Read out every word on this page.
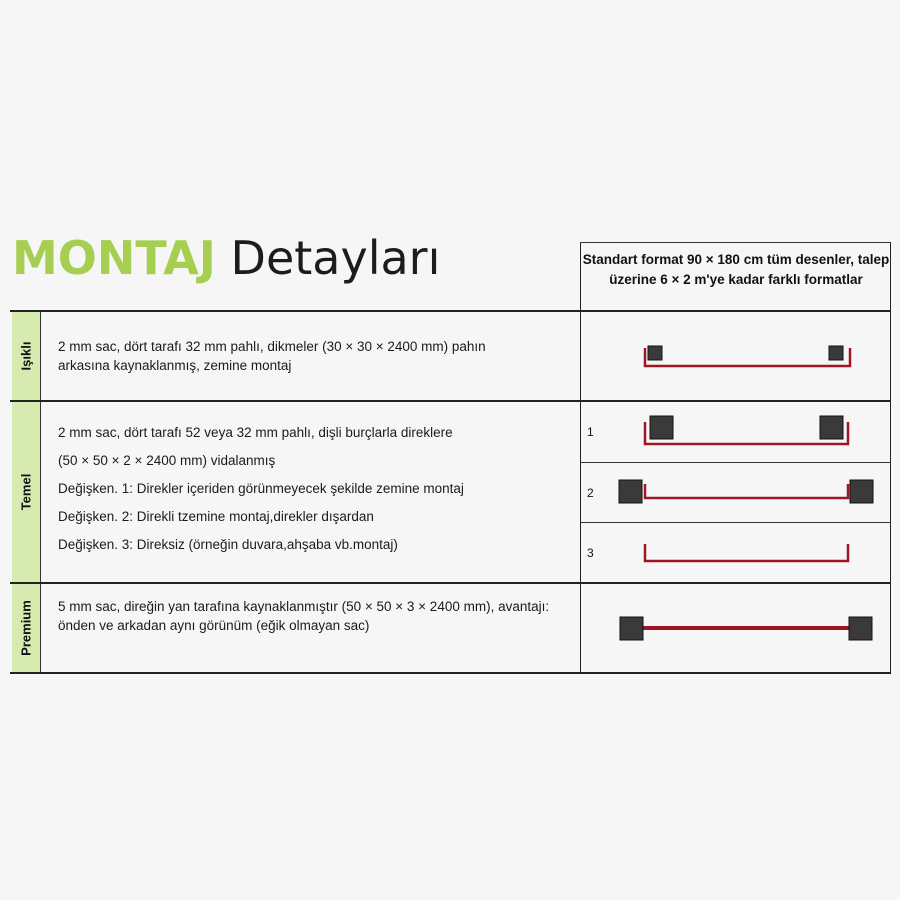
MONTAJ Detayları	Standart format 90 × 180 cm tüm desenler, talep üzerine 6 × 2 m'ye kadar farklı formatlar

Işıklı 2 mm sac, dört tarafı 32 mm pahlı, dikmeler (30 × 30 × 2400 mm) pahın
arkasına kaynaklanmış, zemine montaj
Temel
2 mm sac, dört tarafı 52 veya 32 mm pahlı, dişli burçlarla direklere
(50 × 50 × 2 × 2400 mm) vidalanmış
Değişken. 1: Direkler içeriden görünmeyecek şekilde zemine montaj
Değişken. 2: Direkli tzemine montaj,direkler dışardan
Değişken. 3: Direksiz (örneğin duvara,ahşaba vb.montaj)
1
2
3
Premium 5 mm sac, direğin yan tarafına kaynaklanmıştır (50 × 50 × 3 × 2400 mm), avantajı:
önden ve arkadan aynı görünüm (eğik olmayan sac)
